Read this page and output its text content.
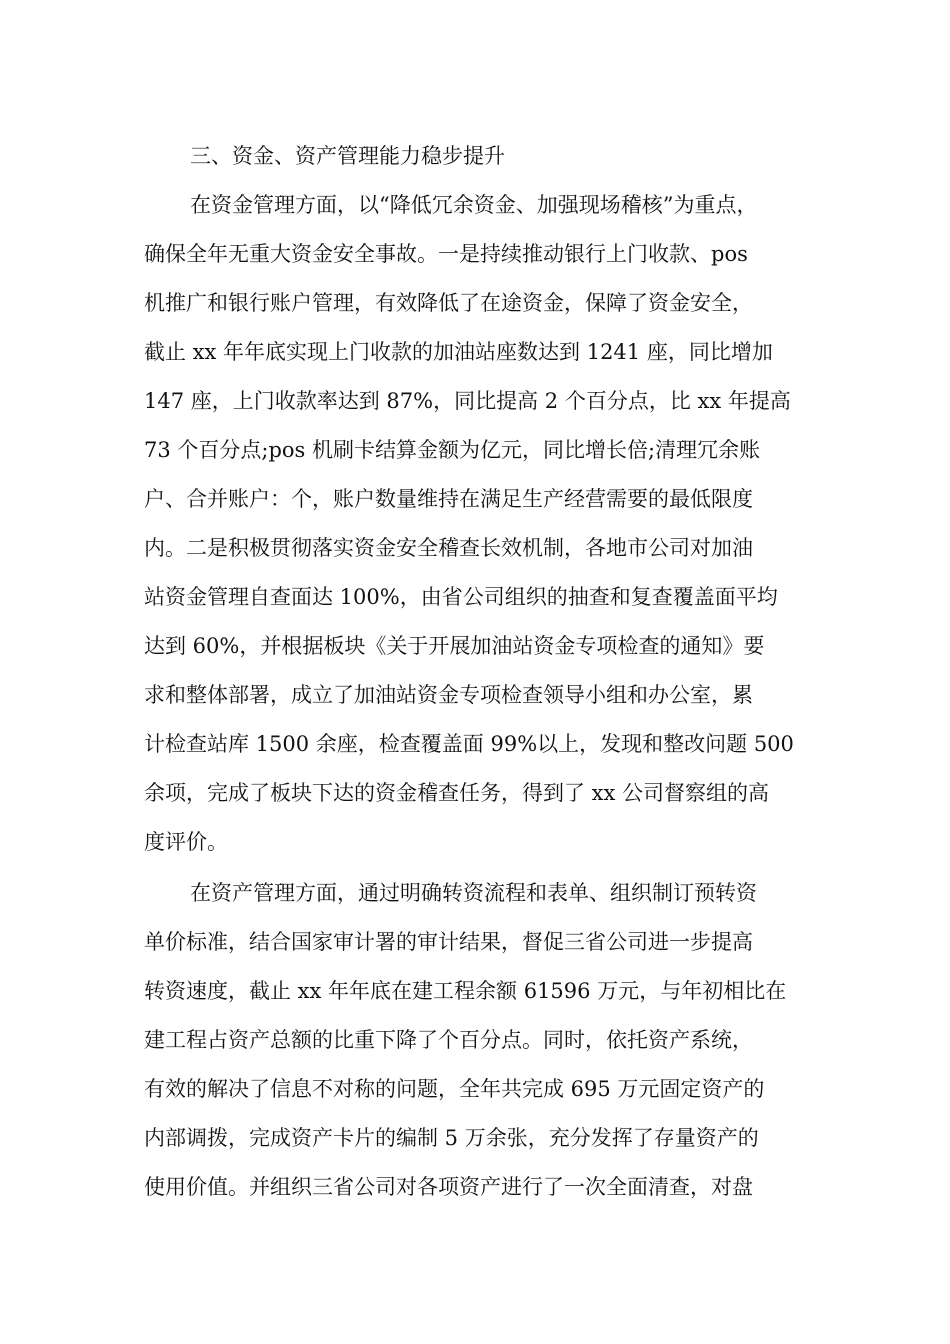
三、资金、资产管理能力稳步提升
在资金管理方面，以“降低冗余资金、加强现场稽核”为重点，
确保全年无重大资金安全事故。一是持续推动银行上门收款、pos
机推广和银行账户管理，有效降低了在途资金，保障了资金安全，
截止 xx 年年底实现上门收款的加油站座数达到 1241 座，同比增加
147 座，上门收款率达到 87%，同比提高 2 个百分点，比 xx 年提高
73 个百分点;pos 机刷卡结算金额为亿元，同比增长倍;清理冗余账
户、合并账户：个，账户数量维持在满足生产经营需要的最低限度
内。二是积极贯彻落实资金安全稽查长效机制，各地市公司对加油
站资金管理自查面达 100%，由省公司组织的抽查和复查覆盖面平均
达到 60%，并根据板块《关于开展加油站资金专项检查的通知》要
求和整体部署，成立了加油站资金专项检查领导小组和办公室，累
计检查站库 1500 余座，检查覆盖面 99%以上，发现和整改问题 500
余项，完成了板块下达的资金稽查任务，得到了 xx 公司督察组的高
度评价。
在资产管理方面，通过明确转资流程和表单、组织制订预转资
单价标准，结合国家审计署的审计结果，督促三省公司进一步提高
转资速度，截止 xx 年年底在建工程余额 61596 万元，与年初相比在
建工程占资产总额的比重下降了个百分点。同时，依托资产系统，
有效的解决了信息不对称的问题，全年共完成 695 万元固定资产的
内部调拨，完成资产卡片的编制 5 万余张，充分发挥了存量资产的
使用价值。并组织三省公司对各项资产进行了一次全面清查，对盘
